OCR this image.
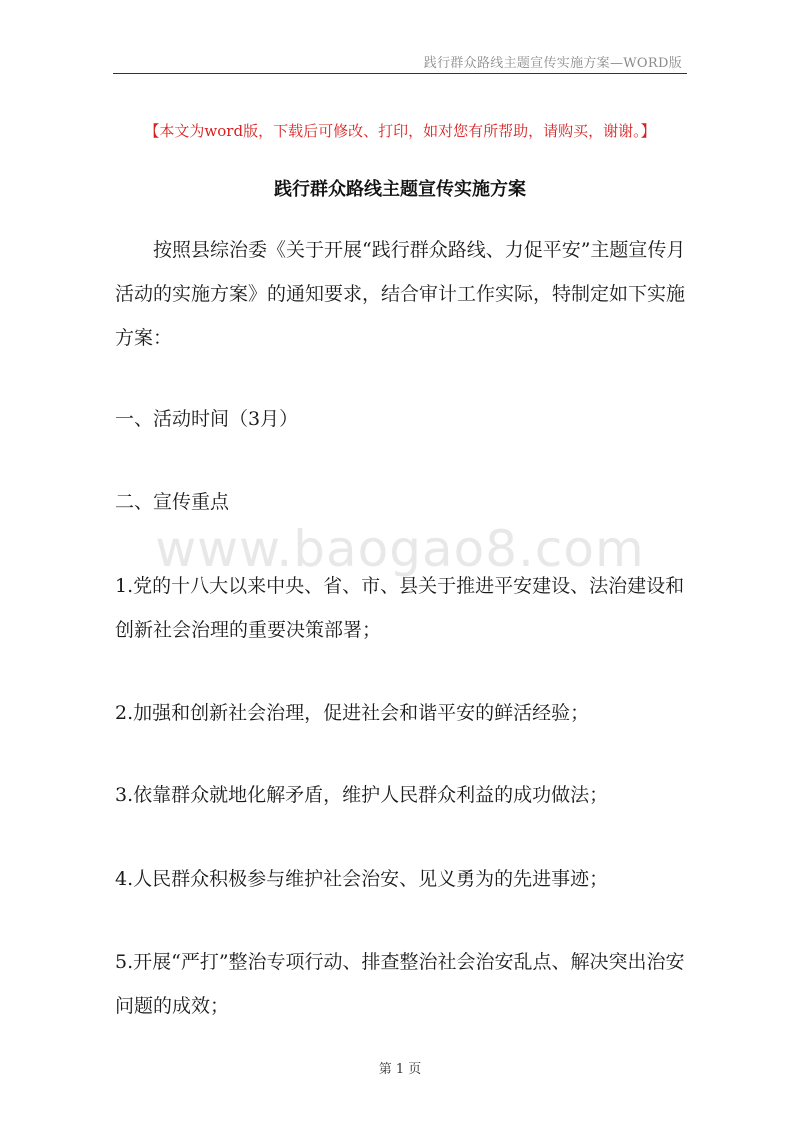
践行群众路线主题宣传实施方案—WORD版
【本文为word版，下载后可修改、打印，如对您有所帮助，请购买，谢谢。】
践行群众路线主题宣传实施方案
按照县综治委《关于开展“践行群众路线、力促平安”主题宣传月活动的实施方案》的通知要求，结合审计工作实际，特制定如下实施方案：
一、活动时间（3月）
二、宣传重点
www.baogao8.com
1.党的十八大以来中央、省、市、县关于推进平安建设、法治建设和创新社会治理的重要决策部署；
2.加强和创新社会治理，促进社会和谐平安的鲜活经验；
3.依靠群众就地化解矛盾，维护人民群众利益的成功做法；
4.人民群众积极参与维护社会治安、见义勇为的先进事迹；
5.开展“严打”整治专项行动、排查整治社会治安乱点、解决突出治安问题的成效；
第 1 页
